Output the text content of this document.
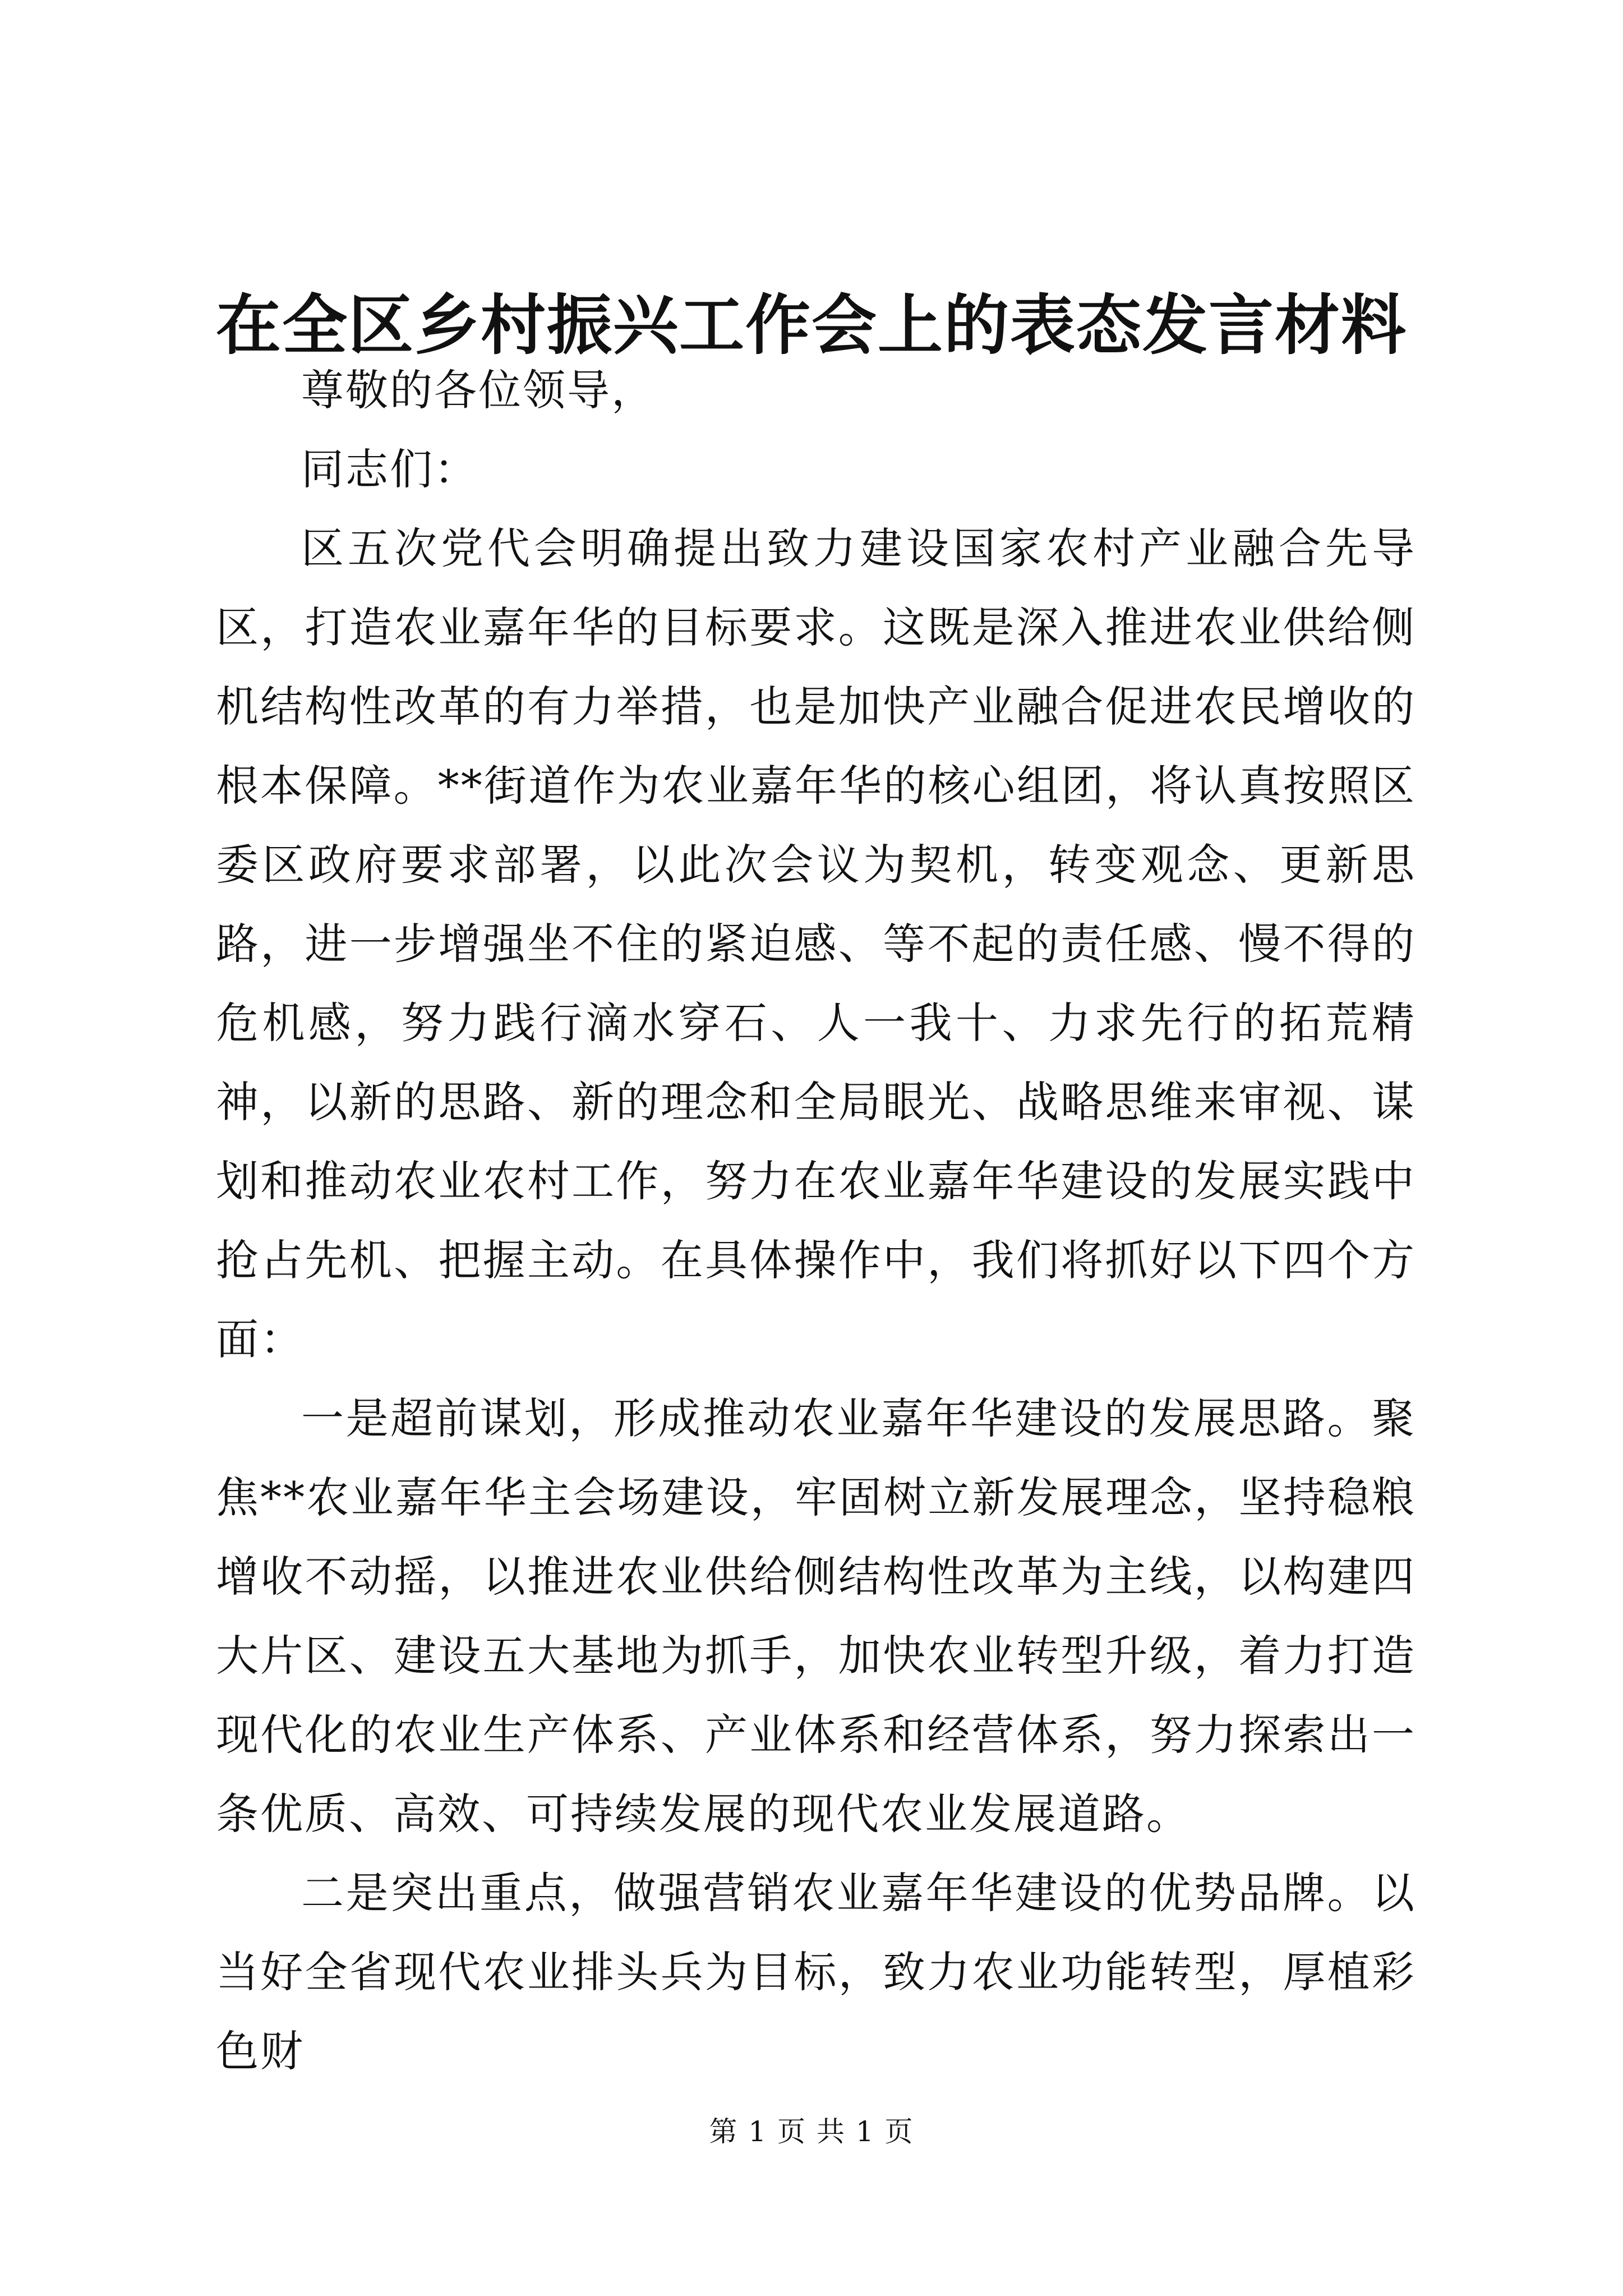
在全区乡村振兴工作会上的表态发言材料

尊敬的各位领导，

同志们：

区五次党代会明确提出致力建设国家农村产业融合先导区，打造农业嘉年华的目标要求。这既是深入推进农业供给侧机结构性改革的有力举措，也是加快产业融合促进农民增收的根本保障。**街道作为农业嘉年华的核心组团，将认真按照区委区政府要求部署，以此次会议为契机，转变观念、更新思路，进一步增强坐不住的紧迫感、等不起的责任感、慢不得的危机感，努力践行滴水穿石、人一我十、力求先行的拓荒精神，以新的思路、新的理念和全局眼光、战略思维来审视、谋划和推动农业农村工作，努力在农业嘉年华建设的发展实践中抢占先机、把握主动。在具体操作中，我们将抓好以下四个方面：

一是超前谋划，形成推动农业嘉年华建设的发展思路。聚焦**农业嘉年华主会场建设，牢固树立新发展理念，坚持稳粮增收不动摇，以推进农业供给侧结构性改革为主线，以构建四大片区、建设五大基地为抓手，加快农业转型升级，着力打造现代化的农业生产体系、产业体系和经营体系，努力探索出一条优质、高效、可持续发展的现代农业发展道路。

二是突出重点，做强营销农业嘉年华建设的优势品牌。以当好全省现代农业排头兵为目标，致力农业功能转型，厚植彩色财

第 1 页 共 1 页
